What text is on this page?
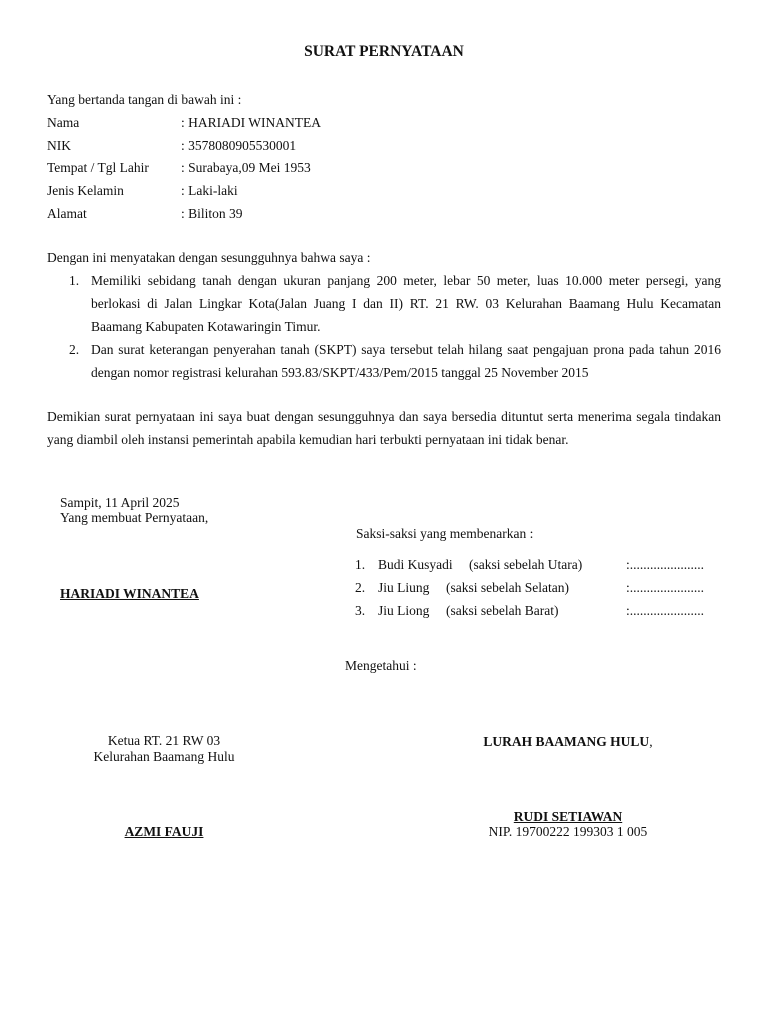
SURAT PERNYATAAN
Yang bertanda tangan di bawah ini :
Nama	: HARIADI WINANTEA
NIK	: 3578080905530001
Tempat / Tgl Lahir : Surabaya,09 Mei 1953
Jenis Kelamin	: Laki-laki
Alamat	: Biliton 39
Dengan ini menyatakan dengan sesungguhnya bahwa saya :
1. Memiliki sebidang tanah dengan ukuran panjang 200 meter, lebar 50 meter, luas 10.000 meter persegi, yang berlokasi di Jalan Lingkar Kota(Jalan Juang I dan II) RT. 21 RW. 03 Kelurahan Baamang Hulu Kecamatan Baamang Kabupaten Kotawaringin Timur.
2. Dan surat keterangan penyerahan tanah (SKPT) saya tersebut telah hilang saat pengajuan prona pada tahun 2016 dengan nomor registrasi kelurahan 593.83/SKPT/433/Pem/2015 tanggal 25 November 2015
Demikian surat pernyataan ini saya buat dengan sesungguhnya dan saya bersedia dituntut serta menerima segala tindakan yang diambil oleh instansi pemerintah apabila kemudian hari terbukti pernyataan ini tidak benar.
Sampit, 11 April 2025
Yang membuat Pernyataan,
HARIADI WINANTEA
Saksi-saksi yang membenarkan :
1. Budi Kusyadi (saksi sebelah Utara)	:......................
2. Jiu Liung (saksi sebelah Selatan)	:......................
3. Jiu Liong (saksi sebelah Barat)	:......................
Mengetahui :
Ketua RT. 21 RW 03
Kelurahan Baamang Hulu
AZMI FAUJI
LURAH BAAMANG HULU,
RUDI SETIAWAN
NIP. 19700222 199303 1 005
